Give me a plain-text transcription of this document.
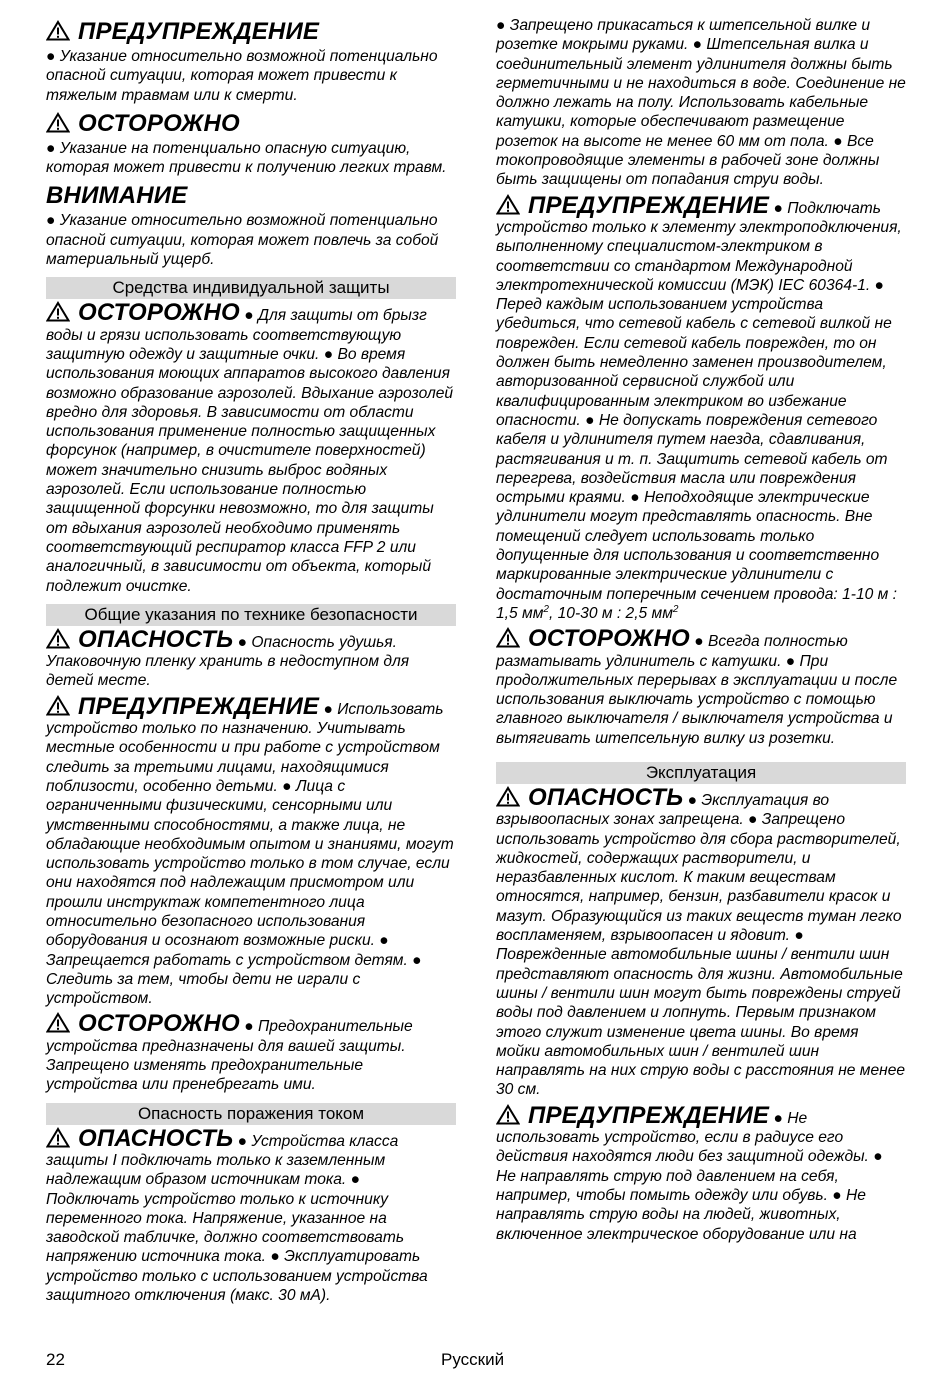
ПРЕДУПРЕЖДЕНИЕ

● Указание относительно возможной потенциально опасной ситуации, которая может привести к тяжелым травмам или к смерти.

ОСТОРОЖНО

● Указание на потенциально опасную ситуацию, которая может привести к получению легких травм.

ВНИМАНИЕ

● Указание относительно возможной потенциально опасной ситуации, которая может повлечь за собой материальный ущерб.

Средства индивидуальной защиты

ОСТОРОЖНО ● Для защиты от брызг воды и грязи использовать соответствующую защитную одежду и защитные очки. ● Во время использования моющих аппаратов высокого давления возможно образование аэрозолей. Вдыхание аэрозолей вредно для здоровья. В зависимости от области использования применение полностью защищенных форсунок (например, в очистителе поверхностей) может значительно снизить выброс водяных аэрозолей. Если использование полностью защищенной форсунки невозможно, то для защиты от вдыхания аэрозолей необходимо применять соответствующий респиратор класса FFP 2 или аналогичный, в зависимости от объекта, который подлежит очистке.

Общие указания по технике безопасности

ОПАСНОСТЬ ● Опасность удушья. Упаковочную пленку хранить в недоступном для детей месте.

ПРЕДУПРЕЖДЕНИЕ ● Использовать устройство только по назначению. Учитывать местные особенности и при работе с устройством следить за третьими лицами, находящимися поблизости, особенно детьми. ● Лица с ограниченными физическими, сенсорными или умственными способностями, а также лица, не обладающие необходимым опытом и знаниями, могут использовать устройство только в том случае, если они находятся под надлежащим присмотром или прошли инструктаж компетентного лица относительно безопасного использования оборудования и осознают возможные риски. ● Запрещается работать с устройством детям. ● Следить за тем, чтобы дети не играли с устройством.

ОСТОРОЖНО ● Предохранительные устройства предназначены для вашей защиты. Запрещено изменять предохранительные устройства или пренебрегать ими.

Опасность поражения током

ОПАСНОСТЬ ● Устройства класса защиты I подключать только к заземленным надлежащим образом источникам тока. ● Подключать устройство только к источнику переменного тока. Напряжение, указанное на заводской табличке, должно соответствовать напряжению источника тока. ● Эксплуатировать устройство только с использованием устройства защитного отключения (макс. 30 мА).

● Запрещено прикасаться к штепсельной вилке и розетке мокрыми руками. ● Штепсельная вилка и соединительный элемент удлинителя должны быть герметичными и не находиться в воде. Соединение не должно лежать на полу. Использовать кабельные катушки, которые обеспечивают размещение розеток на высоте не менее 60 мм от пола. ● Все токопроводящие элементы в рабочей зоне должны быть защищены от попадания струи воды.

ПРЕДУПРЕЖДЕНИЕ ● Подключать устройство только к элементу электроподключения, выполненному специалистом-электриком в соответствии со стандартом Международной электротехнической комиссии (МЭК) IEC 60364-1. ● Перед каждым использованием устройства убедиться, что сетевой кабель с сетевой вилкой не поврежден. Если сетевой кабель поврежден, то он должен быть немедленно заменен производителем, авторизованной сервисной службой или квалифицированным электриком во избежание опасности. ● Не допускать повреждения сетевого кабеля и удлинителя путем наезда, сдавливания, растягивания и т. п. Защитить сетевой кабель от перегрева, воздействия масла или повреждения острыми краями. ● Неподходящие электрические удлинители могут представлять опасность. Вне помещений следует использовать только допущенные для использования и соответственно маркированные электрические удлинители с достаточным поперечным сечением провода: 1-10 м : 1,5 $мм^2$, 10-30 м : 2,5 $мм^2$

ОСТОРОЖНО ● Всегда полностью разматывать удлинитель с катушки. ● При продолжительных перерывах в эксплуатации и после использования выключать устройство с помощью главного выключателя / выключателя устройства и вытягивать штепсельную вилку из розетки.

Эксплуатация

ОПАСНОСТЬ ● Эксплуатация во взрывоопасных зонах запрещена. ● Запрещено использовать устройство для сбора растворителей, жидкостей, содержащих растворители, и неразбавленных кислот. К таким веществам относятся, например, бензин, разбавители красок и мазут. Образующийся из таких веществ туман легко воспламеняем, взрывоопасен и ядовит. ● Поврежденные автомобильные шины / вентили шин представляют опасность для жизни. Автомобильные шины / вентили шин могут быть повреждены струей воды под давлением и лопнуть. Первым признаком этого служит изменение цвета шины. Во время мойки автомобильных шин / вентилей шин направлять на них струю воды с расстояния не менее 30 см.

ПРЕДУПРЕЖДЕНИЕ ● Не использовать устройство, если в радиусе его действия находятся люди без защитной одежды. ● Не направлять струю под давлением на себя, например, чтобы помыть одежду или обувь. ● Не направлять струю воды на людей, животных, включенное электрическое оборудование или на

22	Русский
